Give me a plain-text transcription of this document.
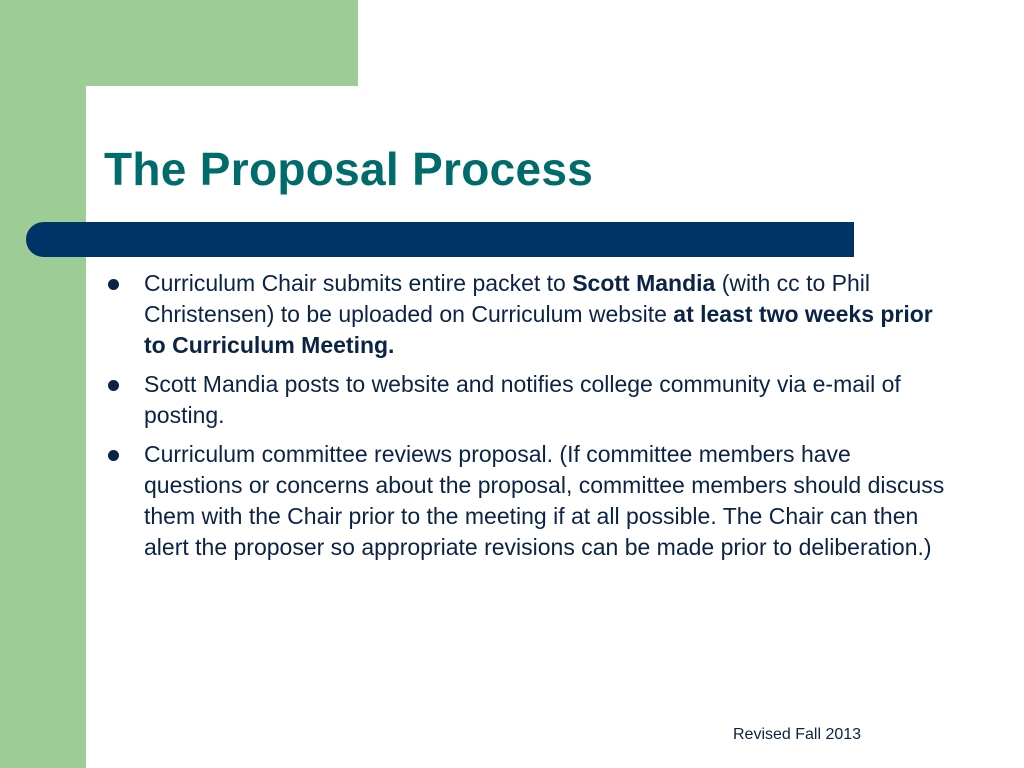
The Proposal Process
Curriculum Chair submits entire packet to Scott Mandia (with cc to Phil Christensen) to be uploaded on Curriculum website at least two weeks prior to Curriculum Meeting.
Scott Mandia posts to website and notifies college community via e-mail of posting.
Curriculum committee reviews proposal. (If committee members have questions or concerns about the proposal, committee members should discuss them with the Chair prior to the meeting if at all possible. The Chair can then alert the proposer so appropriate revisions can be made prior to deliberation.)
Revised Fall 2013
